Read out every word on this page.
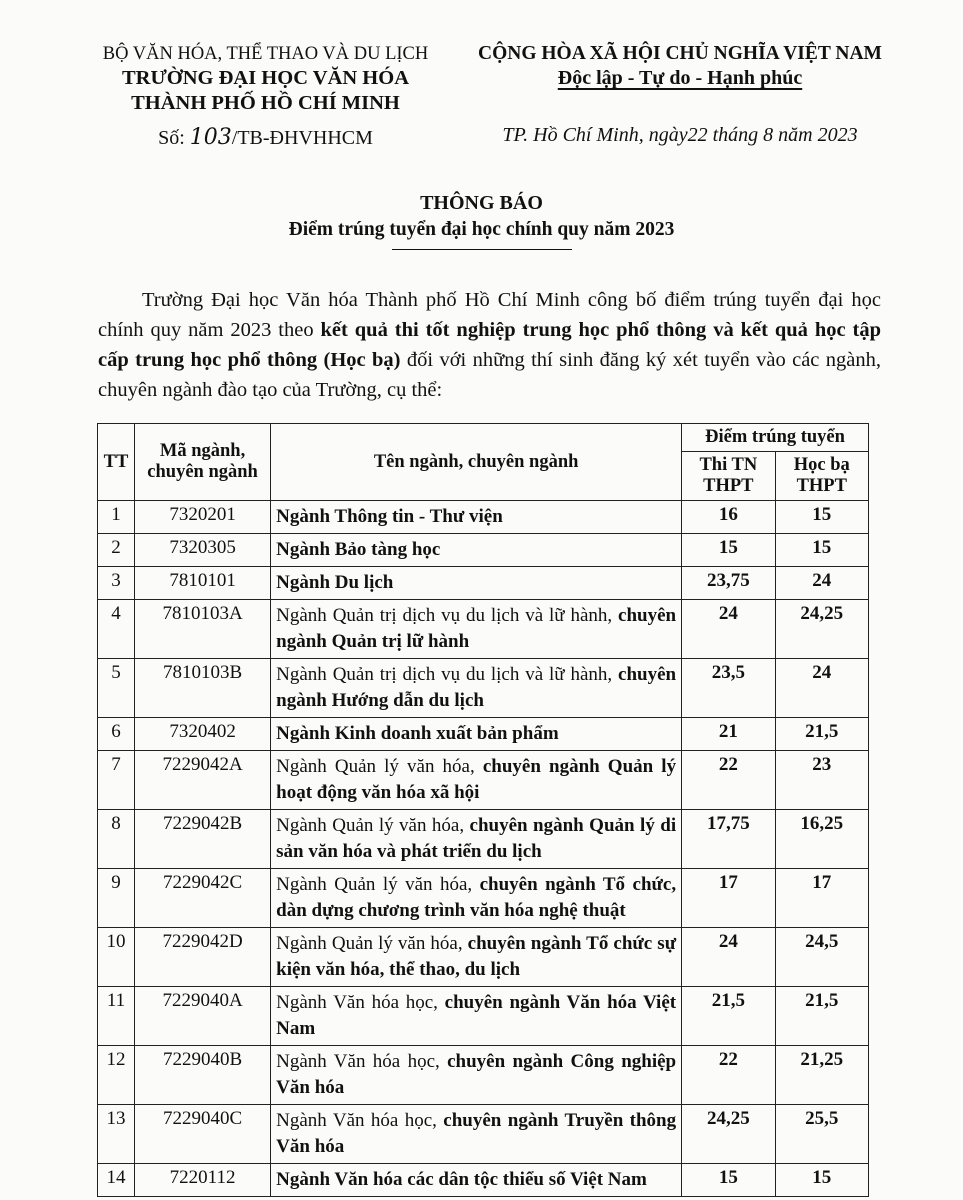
BỘ VĂN HÓA, THỂ THAO VÀ DU LỊCH
TRƯỜNG ĐẠI HỌC VĂN HÓA
THÀNH PHỐ HỒ CHÍ MINH
Số: 103/TB-ĐHVHHCM
CỘNG HÒA XÃ HỘI CHỦ NGHĨA VIỆT NAM
Độc lập - Tự do - Hạnh phúc
TP. Hồ Chí Minh, ngày22 tháng 8 năm 2023
THÔNG BÁO
Điểm trúng tuyển đại học chính quy năm 2023
Trường Đại học Văn hóa Thành phố Hồ Chí Minh công bố điểm trúng tuyển đại học chính quy năm 2023 theo kết quả thi tốt nghiệp trung học phổ thông và kết quả học tập cấp trung học phổ thông (Học bạ) đối với những thí sinh đăng ký xét tuyển vào các ngành, chuyên ngành đào tạo của Trường, cụ thể:
TT	Mã ngành, chuyên ngành	Tên ngành, chuyên ngành	Điểm trúng tuyển	
			Thi TN THPT	Học bạ THPT
1	7320201	Ngành Thông tin - Thư viện	16	15
2	7320305	Ngành Bảo tàng học	15	15
3	7810101	Ngành Du lịch	23,75	24
4	7810103A	Ngành Quản trị dịch vụ du lịch và lữ hành, chuyên ngành Quản trị lữ hành	24	24,25
5	7810103B	Ngành Quản trị dịch vụ du lịch và lữ hành, chuyên ngành Hướng dẫn du lịch	23,5	24
6	7320402	Ngành Kinh doanh xuất bản phẩm	21	21,5
7	7229042A	Ngành Quản lý văn hóa, chuyên ngành Quản lý hoạt động văn hóa xã hội	22	23
8	7229042B	Ngành Quản lý văn hóa, chuyên ngành Quản lý di sản văn hóa và phát triển du lịch	17,75	16,25
9	7229042C	Ngành Quản lý văn hóa, chuyên ngành Tổ chức, dàn dựng chương trình văn hóa nghệ thuật	17	17
10	7229042D	Ngành Quản lý văn hóa, chuyên ngành Tổ chức sự kiện văn hóa, thể thao, du lịch	24	24,5
11	7229040A	Ngành Văn hóa học, chuyên ngành Văn hóa Việt Nam	21,5	21,5
12	7229040B	Ngành Văn hóa học, chuyên ngành Công nghiệp Văn hóa	22	21,25
13	7229040C	Ngành Văn hóa học, chuyên ngành Truyền thông Văn hóa	24,25	25,5
14	7220112	Ngành Văn hóa các dân tộc thiểu số Việt Nam	15	15
